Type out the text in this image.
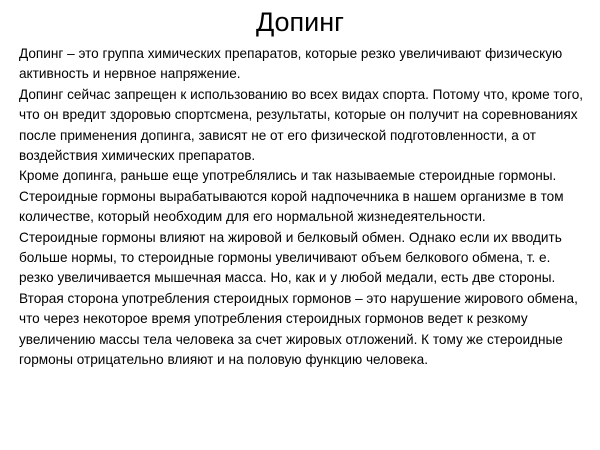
Допинг

Допинг – это группа химических препаратов, которые резко увеличивают физическую активность и нервное напряжение.

Допинг сейчас запрещен к использованию во всех видах спорта. Потому что, кроме того, что он вредит здоровью спортсмена, результаты, которые он получит на соревнованиях после применения допинга, зависят не от его физической подготовленности, а от воздействия химических препаратов.

Кроме допинга, раньше еще употреблялись и так называемые стероидные гормоны. Стероидные гормоны вырабатываются корой надпочечника в нашем организме в том количестве, который необходим для его нормальной жизнедеятельности.

Стероидные гормоны влияют на жировой и белковый обмен. Однако если их вводить больше нормы, то стероидные гормоны увеличивают объем белкового обмена, т. е. резко увеличивается мышечная масса. Но, как и у любой медали, есть две стороны.

Вторая сторона употребления стероидных гормонов – это нарушение жирового обмена, что через некоторое время употребления стероидных гормонов ведет к резкому увеличению массы тела человека за счет жировых отложений. К тому же стероидные гормоны отрицательно влияют и на половую функцию человека.
